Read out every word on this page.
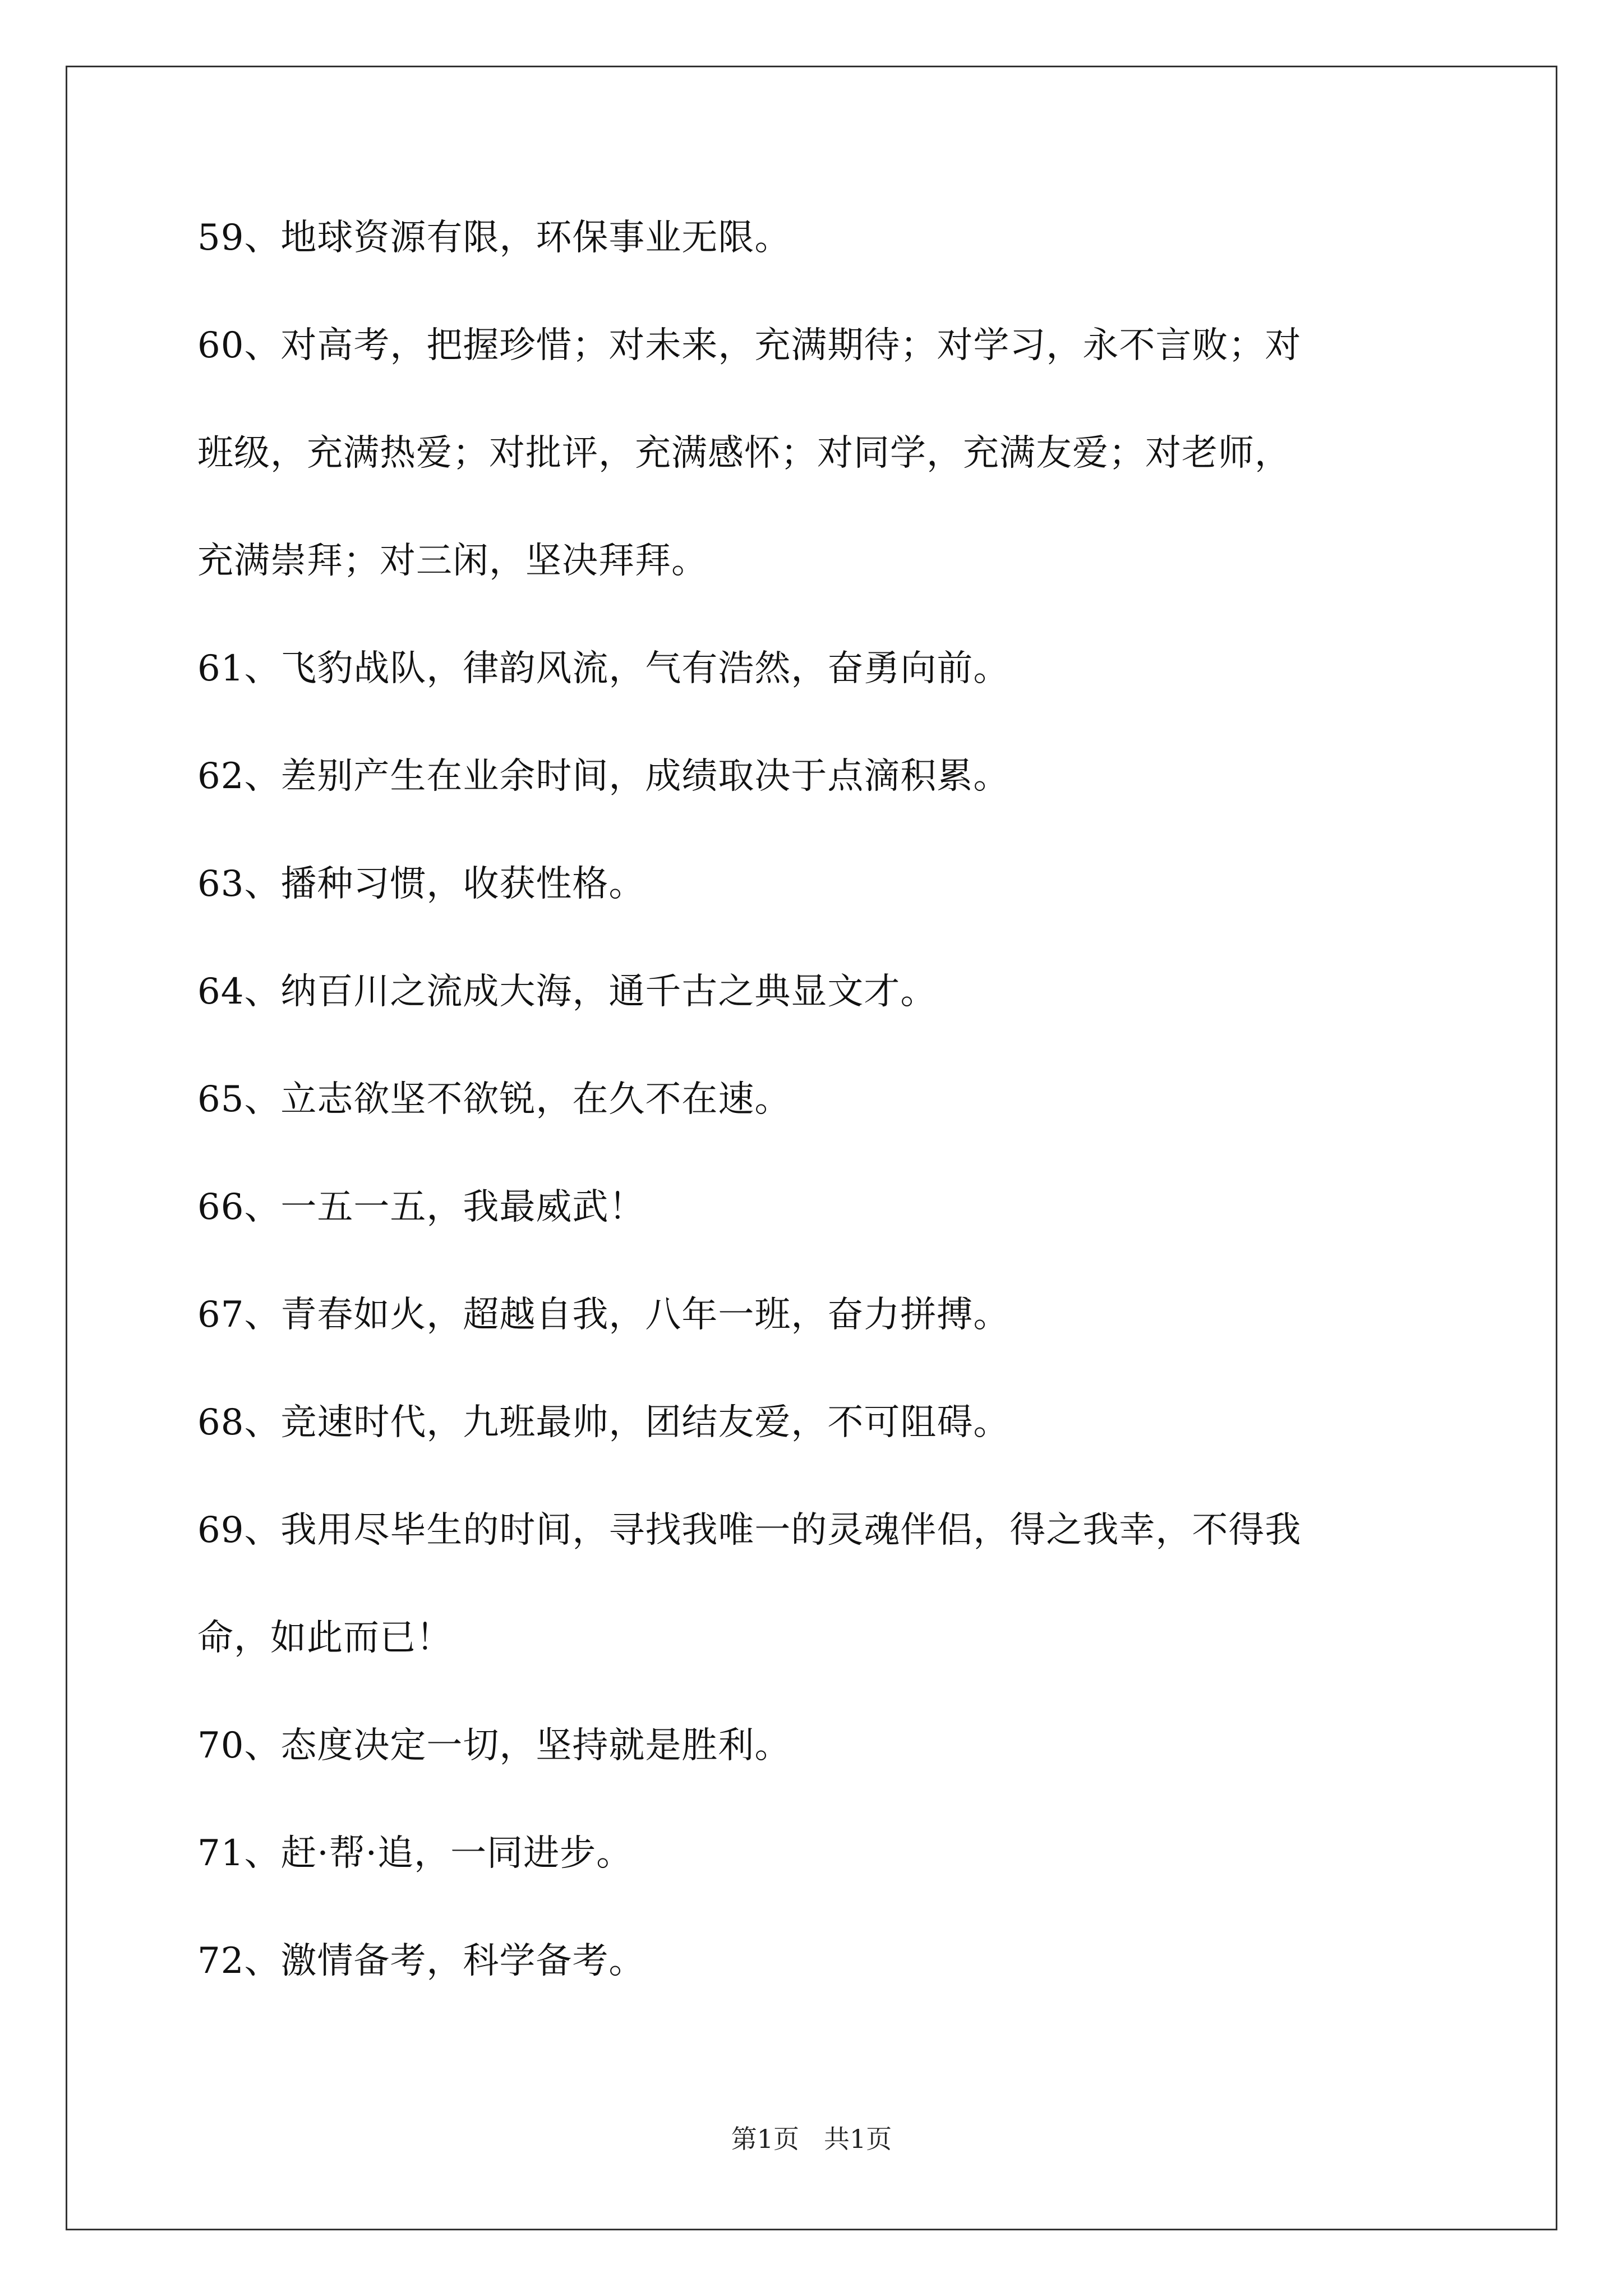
59、地球资源有限，环保事业无限。
60、对高考，把握珍惜；对未来，充满期待；对学习，永不言败；对
班级，充满热爱；对批评，充满感怀；对同学，充满友爱；对老师，
充满崇拜；对三闲，坚决拜拜。
61、飞豹战队，律韵风流，气有浩然，奋勇向前。
62、差别产生在业余时间，成绩取决于点滴积累。
63、播种习惯，收获性格。
64、纳百川之流成大海，通千古之典显文才。
65、立志欲坚不欲锐，在久不在速。
66、一五一五，我最威武！
67、青春如火，超越自我，八年一班，奋力拼搏。
68、竞速时代，九班最帅，团结友爱，不可阻碍。
69、我用尽毕生的时间，寻找我唯一的灵魂伴侣，得之我幸，不得我
命，如此而已！
70、态度决定一切，坚持就是胜利。
71、赶·帮·追，一同进步。
72、激情备考，科学备考。
第1页 共1页
